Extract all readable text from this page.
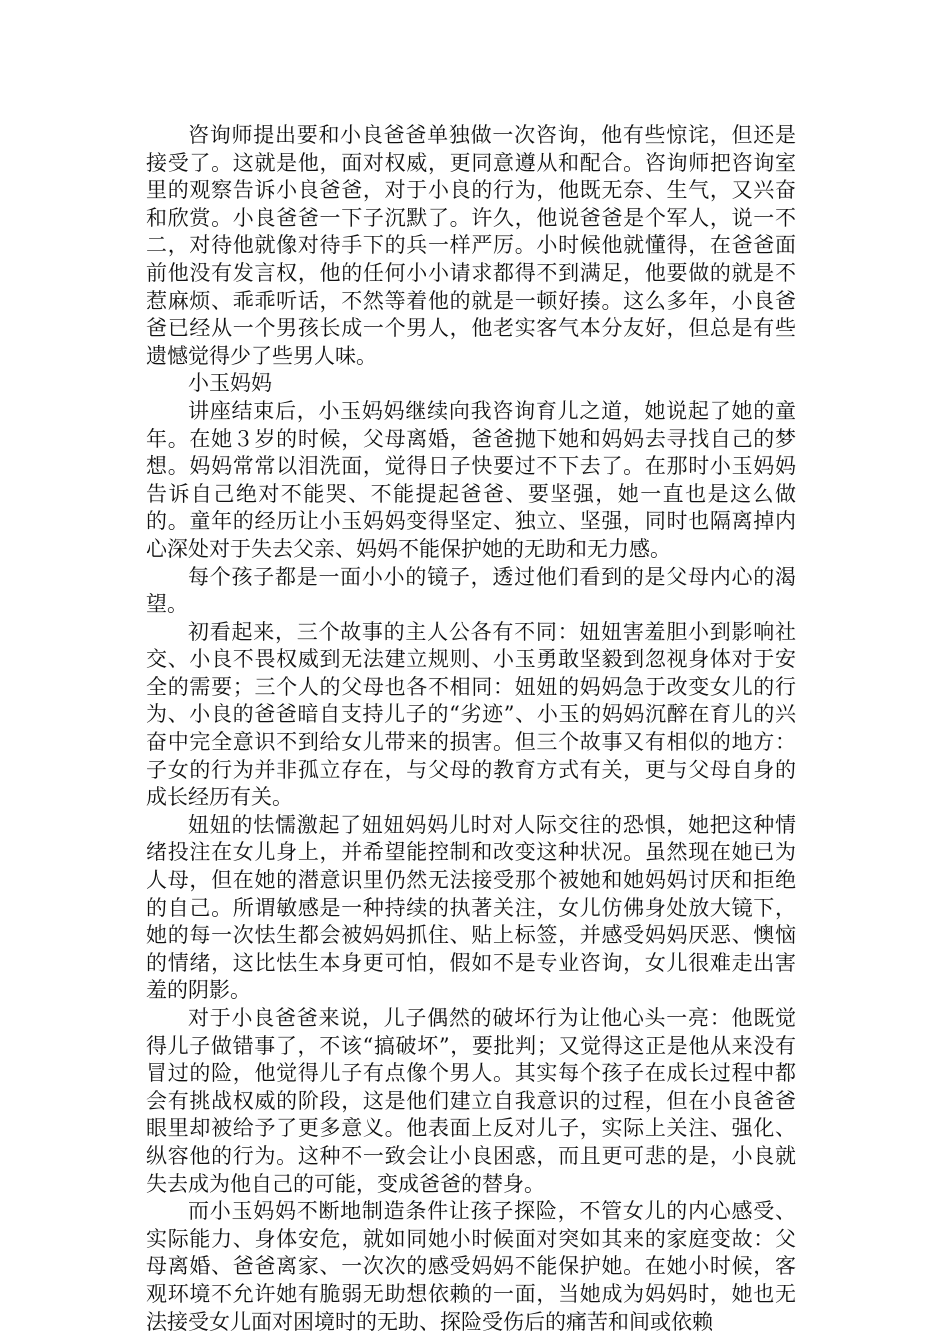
咨询师提出要和小良爸爸单独做一次咨询，他有些惊诧，但还是接受了。这就是他，面对权威，更同意遵从和配合。咨询师把咨询室里的观察告诉小良爸爸，对于小良的行为，他既无奈、生气，又兴奋和欣赏。小良爸爸一下子沉默了。许久，他说爸爸是个军人，说一不二，对待他就像对待手下的兵一样严厉。小时候他就懂得，在爸爸面前他没有发言权，他的任何小小请求都得不到满足，他要做的就是不惹麻烦、乖乖听话，不然等着他的就是一顿好揍。这么多年，小良爸爸已经从一个男孩长成一个男人，他老实客气本分友好，但总是有些遗憾觉得少了些男人味。

小玉妈妈

讲座结束后，小玉妈妈继续向我咨询育儿之道，她说起了她的童年。在她３岁的时候，父母离婚，爸爸抛下她和妈妈去寻找自己的梦想。妈妈常常以泪洗面，觉得日子快要过不下去了。在那时小玉妈妈告诉自己绝对不能哭、不能提起爸爸、要坚强，她一直也是这么做的。童年的经历让小玉妈妈变得坚定、独立、坚强，同时也隔离掉内心深处对于失去父亲、妈妈不能保护她的无助和无力感。

每个孩子都是一面小小的镜子，透过他们看到的是父母内心的渴望。

初看起来，三个故事的主人公各有不同：妞妞害羞胆小到影响社交、小良不畏权威到无法建立规则、小玉勇敢坚毅到忽视身体对于安全的需要；三个人的父母也各不相同：妞妞的妈妈急于改变女儿的行为、小良的爸爸暗自支持儿子的“劣迹”、小玉的妈妈沉醉在育儿的兴奋中完全意识不到给女儿带来的损害。但三个故事又有相似的地方：子女的行为并非孤立存在，与父母的教育方式有关，更与父母自身的成长经历有关。

妞妞的怯懦激起了妞妞妈妈儿时对人际交往的恐惧，她把这种情绪投注在女儿身上，并希望能控制和改变这种状况。虽然现在她已为人母，但在她的潜意识里仍然无法接受那个被她和她妈妈讨厌和拒绝的自己。所谓敏感是一种持续的执著关注，女儿仿佛身处放大镜下，她的每一次怯生都会被妈妈抓住、贴上标签，并感受妈妈厌恶、懊恼的情绪，这比怯生本身更可怕，假如不是专业咨询，女儿很难走出害羞的阴影。

对于小良爸爸来说，儿子偶然的破坏行为让他心头一亮：他既觉得儿子做错事了，不该“搞破坏”，要批判；又觉得这正是他从来没有冒过的险，他觉得儿子有点像个男人。其实每个孩子在成长过程中都会有挑战权威的阶段，这是他们建立自我意识的过程，但在小良爸爸眼里却被给予了更多意义。他表面上反对儿子，实际上关注、强化、纵容他的行为。这种不一致会让小良困惑，而且更可悲的是，小良就失去成为他自己的可能，变成爸爸的替身。

而小玉妈妈不断地制造条件让孩子探险，不管女儿的内心感受、实际能力、身体安危，就如同她小时候面对突如其来的家庭变故：父母离婚、爸爸离家、一次次的感受妈妈不能保护她。在她小时候，客观环境不允许她有脆弱无助想依赖的一面，当她成为妈妈时，她也无法接受女儿面对困境时的无助、探险受伤后的痛苦和间或依赖
